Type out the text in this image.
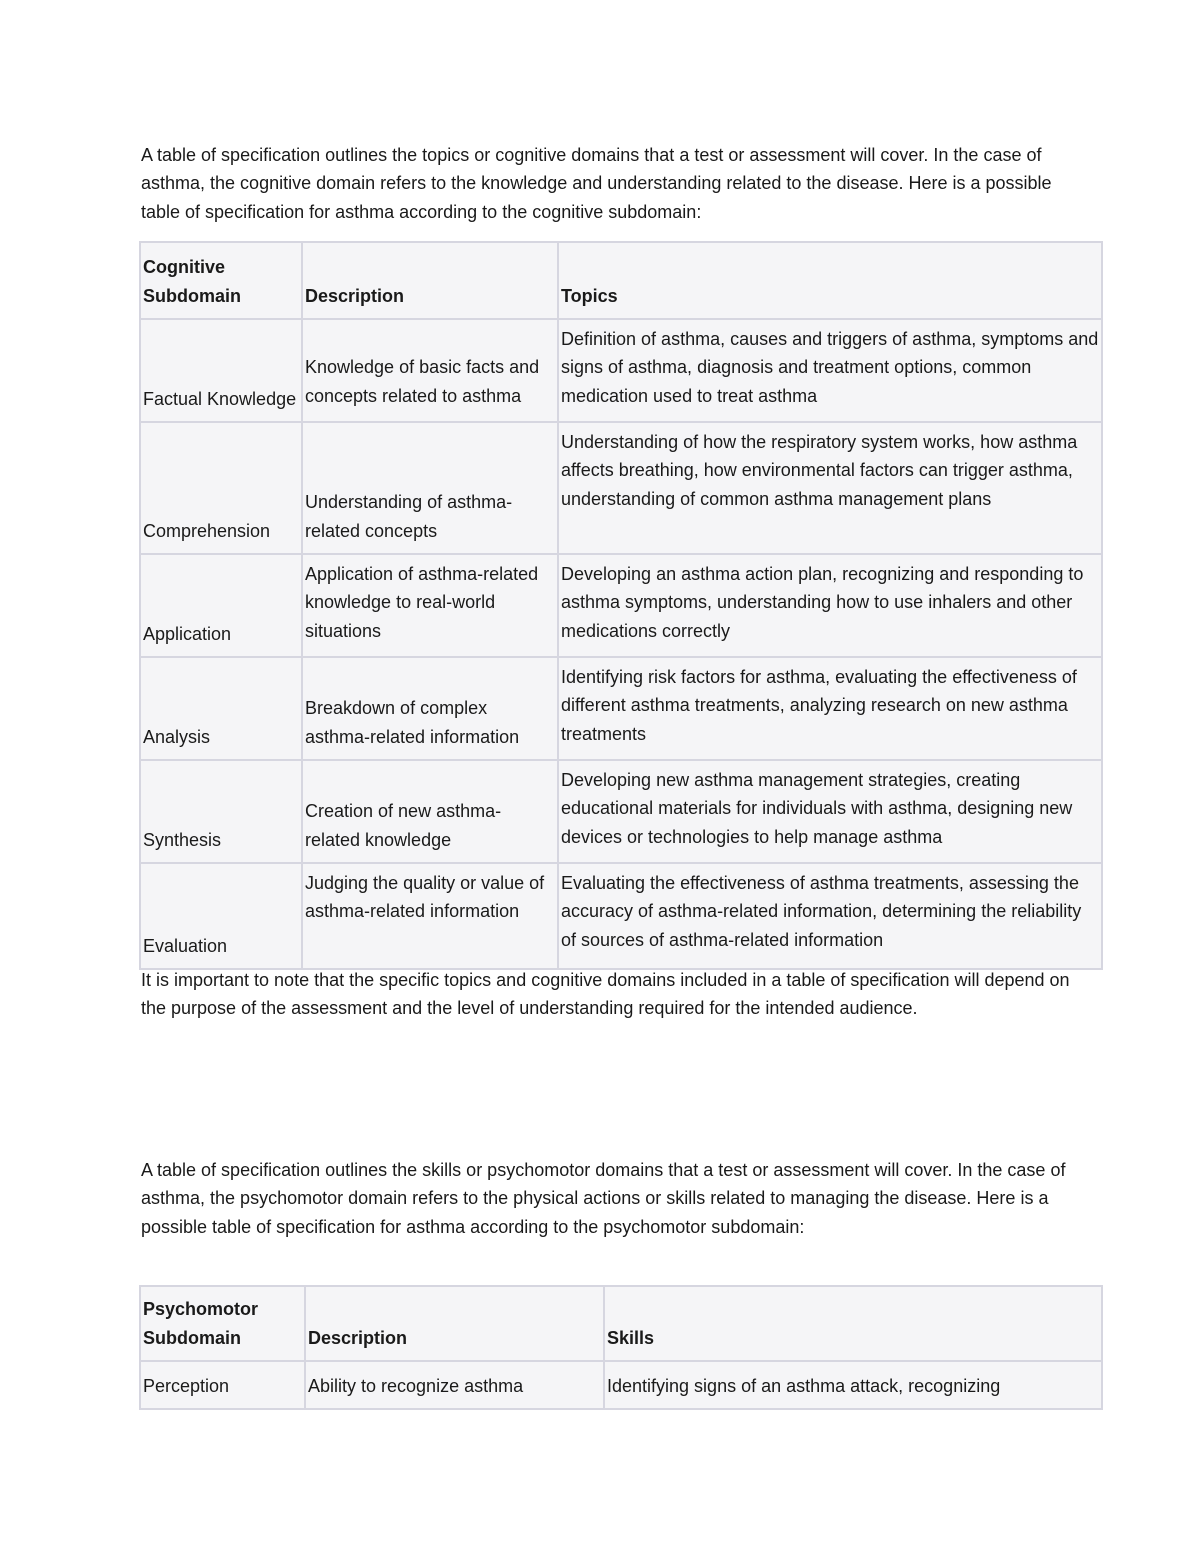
A table of specification outlines the topics or cognitive domains that a test or assessment will cover. In the case of asthma, the cognitive domain refers to the knowledge and understanding related to the disease. Here is a possible table of specification for asthma according to the cognitive subdomain:

Cognitive Subdomain	Description	Topics
Factual Knowledge	Knowledge of basic facts and concepts related to asthma	Definition of asthma, causes and triggers of asthma, symptoms and signs of asthma, diagnosis and treatment options, common medication used to treat asthma
Comprehension	Understanding of asthma-related concepts	Understanding of how the respiratory system works, how asthma affects breathing, how environmental factors can trigger asthma, understanding of common asthma management plans
Application	Application of asthma-related knowledge to real-world situations	Developing an asthma action plan, recognizing and responding to asthma symptoms, understanding how to use inhalers and other medications correctly
Analysis	Breakdown of complex asthma-related information	Identifying risk factors for asthma, evaluating the effectiveness of different asthma treatments, analyzing research on new asthma treatments
Synthesis	Creation of new asthma-related knowledge	Developing new asthma management strategies, creating educational materials for individuals with asthma, designing new devices or technologies to help manage asthma
Evaluation	Judging the quality or value of asthma-related information	Evaluating the effectiveness of asthma treatments, assessing the accuracy of asthma-related information, determining the reliability of sources of asthma-related information

It is important to note that the specific topics and cognitive domains included in a table of specification will depend on the purpose of the assessment and the level of understanding required for the intended audience.

A table of specification outlines the skills or psychomotor domains that a test or assessment will cover. In the case of asthma, the psychomotor domain refers to the physical actions or skills related to managing the disease. Here is a possible table of specification for asthma according to the psychomotor subdomain:

Psychomotor Subdomain	Description	Skills
Perception	Ability to recognize asthma	Identifying signs of an asthma attack, recognizing
